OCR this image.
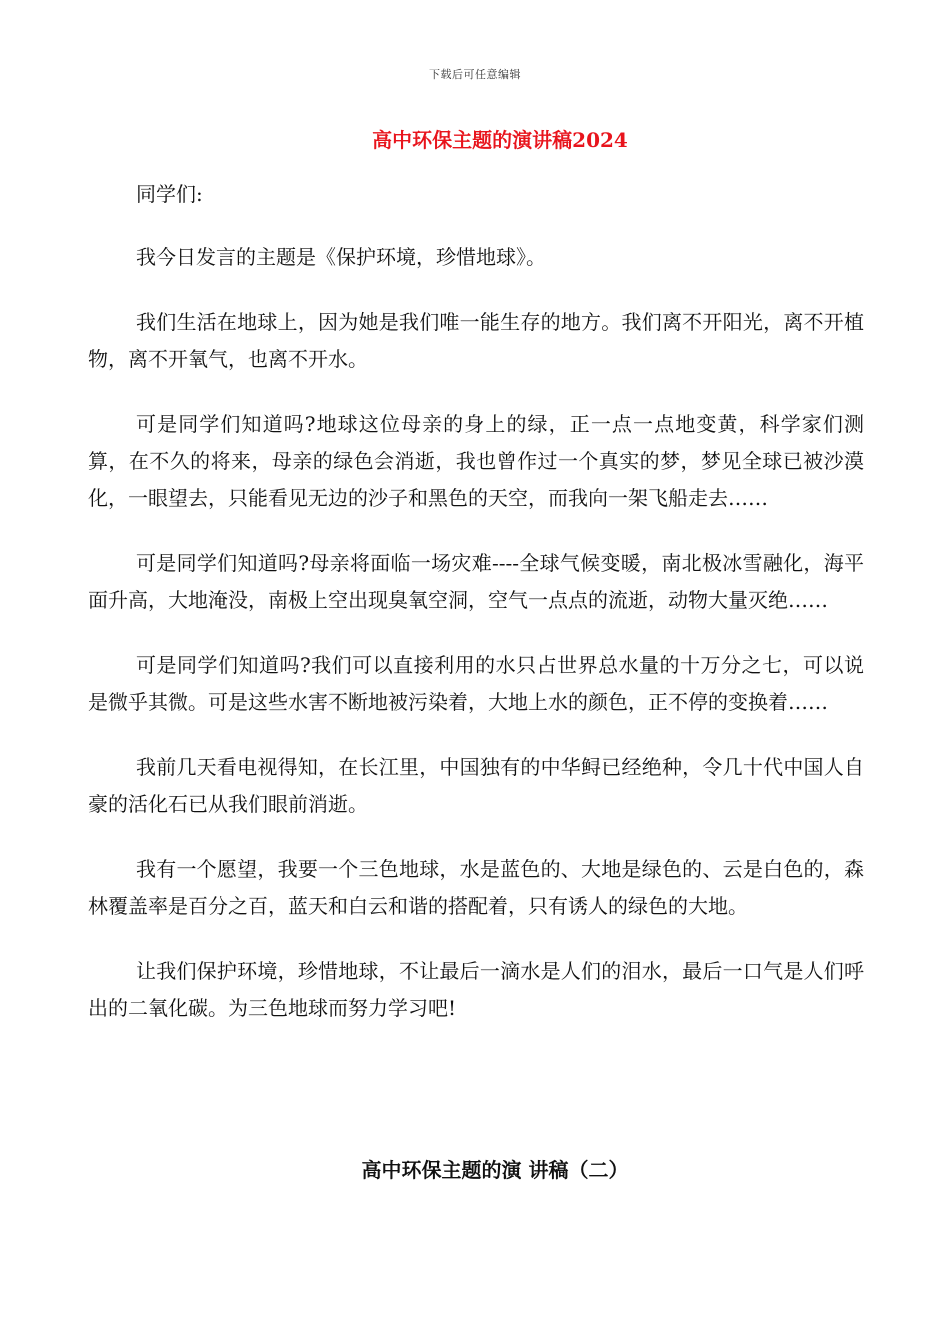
下载后可任意编辑
高中环保主题的演讲稿2024

同学们:

我今日发言的主题是《保护环境，珍惜地球》。

我们生活在地球上，因为她是我们唯一能生存的地方。我们离不开阳光，离不开植物，离不开氧气，也离不开水。

可是同学们知道吗?地球这位母亲的身上的绿，正一点一点地变黄，科学家们测算，在不久的将来，母亲的绿色会消逝，我也曾作过一个真实的梦，梦见全球已被沙漠化，一眼望去，只能看见无边的沙子和黑色的天空，而我向一架飞船走去……

可是同学们知道吗?母亲将面临一场灾难----全球气候变暖，南北极冰雪融化，海平面升高，大地淹没，南极上空出现臭氧空洞，空气一点点的流逝，动物大量灭绝……

可是同学们知道吗?我们可以直接利用的水只占世界总水量的十万分之七，可以说是微乎其微。可是这些水害不断地被污染着，大地上水的颜色，正不停的变换着……

我前几天看电视得知，在长江里，中国独有的中华鲟已经绝种，令几十代中国人自豪的活化石已从我们眼前消逝。

我有一个愿望，我要一个三色地球，水是蓝色的、大地是绿色的、云是白色的，森林覆盖率是百分之百，蓝天和白云和谐的搭配着，只有诱人的绿色的大地。

让我们保护环境，珍惜地球，不让最后一滴水是人们的泪水，最后一口气是人们呼出的二氧化碳。为三色地球而努力学习吧!

高中环保主题的演 讲稿（二）
